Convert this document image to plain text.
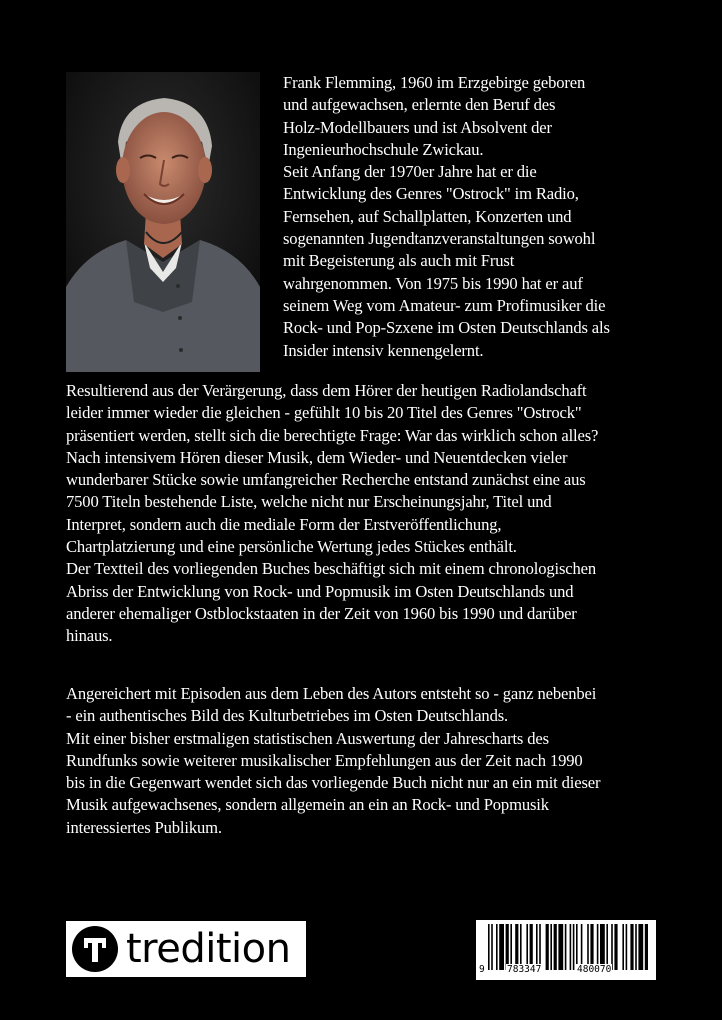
Frank Flemming, 1960 im Erzgebirge geboren
und aufgewachsen, erlernte den Beruf des
Holz-Modellbauers und ist Absolvent der
Ingenieurhochschule Zwickau.
Seit Anfang der 1970er Jahre hat er die
Entwicklung des Genres "Ostrock" im Radio,
Fernsehen, auf Schallplatten, Konzerten und
sogenannten Jugendtanzveranstaltungen sowohl
mit Begeisterung als auch mit Frust
wahrgenommen. Von 1975 bis 1990 hat er auf
seinem Weg vom Amateur- zum Profimusiker die
Rock- und Pop-Szxene im Osten Deutschlands als
Insider intensiv kennengelernt.
Resultierend aus der Verärgerung, dass dem Hörer der heutigen Radiolandschaft
leider immer wieder die gleichen - gefühlt 10 bis 20 Titel des Genres "Ostrock"
präsentiert werden, stellt sich die berechtigte Frage: War das wirklich schon alles?
Nach intensivem Hören dieser Musik, dem Wieder- und Neuentdecken vieler
wunderbarer Stücke sowie umfangreicher Recherche entstand zunächst eine aus
7500 Titeln bestehende Liste, welche nicht nur Erscheinungsjahr, Titel und
Interpret, sondern auch die mediale Form der Erstveröffentlichung,
Chartplatzierung und eine persönliche Wertung jedes Stückes enthält.
Der Textteil des vorliegenden Buches beschäftigt sich mit einem chronologischen
Abriss der Entwicklung von Rock- und Popmusik im Osten Deutschlands und
anderer ehemaliger Ostblockstaaten in der Zeit von 1960 bis 1990 und darüber
hinaus.
Angereichert mit Episoden aus dem Leben des Autors entsteht so - ganz nebenbei
- ein authentisches Bild des Kulturbetriebes im Osten Deutschlands.
Mit einer bisher erstmaligen statistischen Auswertung der Jahrescharts des
Rundfunks sowie weiterer musikalischer Empfehlungen aus der Zeit nach 1990
bis in die Gegenwart wendet sich das vorliegende Buch nicht nur an ein mit dieser
Musik aufgewachsenes, sondern allgemein an ein an Rock- und Popmusik
interessiertes Publikum.
tredition	9 783347	480070
